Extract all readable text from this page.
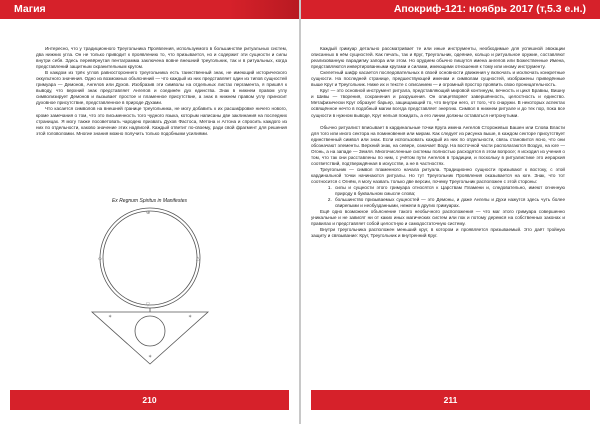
Магия

Интересно, что у традиционного Треугольника Проявления, используемого в большинстве ритуальных систем, два нижних угла. Он не только приводит к проявлению то, что призывается, но и содержит эти сущности и силы внутри себя. Здесь перевёрнутая пентаграмма заключена вовне внешний треугольник, так и в ритуальных, когда представлений защитным охранительным кругом.

В каждом из трёх углов равностороннего треугольника есть таинственный знак, не имеющий исторического оккультного значения. Одно из возможных объяснений — что каждый из них представляет один из типов сущностей гримуара — Демонов, Ангелов или Духов. Изобразив эти символы на отдельных листах пергамента, я пришёл к выводу, что верхний знак представляет Ангелов и соединён дух единства. Знак в нижнем правом углу символизирует Демонов и вызывает простое и пламенное присутствие, а знак в нижнем правом углу приносит духовное присутствие, представленное в природе Духами.

Что касается символов на внешней границе треугольника, не могу добавить к их расшифровке ничего нового, кроме замечания о том, что это письменность того чудного языка, которым написаны две заклинания на последних страницах. Я могу также посоветовать чародею призвать Духов Фастоса, Метона и Агтона и спросить каждого из них по отдельности, каково значение этих надписей. Каждый ответит по-своему, ради свой фрагмент для решения этой головоломки. Многие знания можно получить только подобными усилиями.

Ex Regnum Spiritus in Manifestes
⊕
△
▽
◇
✶	✶
✶
210
Апокриф-121: ноябрь 2017 (т,5.3 е.н.)

Каждый гримуар детально рассматривает те или иные инструменты, необходимые для успешной эвокации описанных в нём сущностей. Как печать, так и Круг, Треугольник, одеяние, кольцо и ритуальное оружие, составляют реализованную парадигму запора или этом. Но орудием обычно пишутся имена ангелов или Божественные Имена, представляются инвертированными кругами и силами, имеющими отношения к тому или иному инструменту.

Скелетный шифр касается последовательных в своей основности движения у включать и исключать конкретные сущности. На последней странице, предшествующей именам и символам сущностей, изображены приведённые выше Круг и Треугольник. Ниже их и тексте с описанием — и огромный простор проявить свою проницательность.

Круг — это основной инструмент ритуала, представляющий мировой континуум, вечность и цикл Бравиы, Вишну и Шивы — творения, сохранения и разрушения. Он олицетворяет завершённость, целостность и единство. Метафизически Круг образует барьер, защищающий то, что внутри него, от того, что снаружи. В некоторых аспектах освящённое нечто в подобный магии всегда представляет энергию. Символ в нижнем ритуале и до тех пор, пока все сущности в нужном выводе, Круг нельзя покидать, а его линии должны оставаться нетронутыми.

*

Обычно ритуалист вписывает в кардинальные точки Круга имена Ангелов Сторожевых Башен или Слова Власти для того или иного сектора на поминовения или мирам. Как следует из рисунка выше, в каждом секторе присутствует единственный символ или знак. Если использовать каждый из них по отдельности, связь становится ясно, что они обозначают элементы. Верхний знак, на севере, означает Воду. На восточной части располагаются Воздух, на юге — Огонь, а на западе — Земля. Многочисленные системы полностью расходятся в этом вопросе; я исходил из учения о том, что так они расставлены по ним, с учётом пути Ангелов в традиции, и поскольку в ритуалистике это иерархия соответствий, подтверждённая в искусстве, а не в частностях.

Треугольник — символ пламенного начала ритуала. Традиционно сущности призывают к востоку, с этой кардинальной точки начинаются ритуалы. Но тут Треугольник Проявления оказывается на юге. Знак, что тот соотносится с Огнём, я могу назвать только две версии, почему Треугольник расположен с этой стороны:

1. силы и сущности этого гримуара относятся к Царствам Пламени и, следовательно, имеют огненную природу в буквальном смысле слова;
2. большинство призываемых сущностей — это Демоны, и даже Ангелы и Духи нажутся здесь чуть более свирепыми и необузданными, нежели в других гримуарах.

Ещё одно возможное объяснение такого необычного расположения — что маг этого гримуара совершенно уникальные и не зависят ни от каких иных магических систем или пок и потому деремся на собственных законах и правилах и представляет собой целостную и самодостаточную систему.

Внутри треугольника расположен меньший круг, в котором и проявляется призываемый. Это даёт тройную защиту и связывание: Круг, Треугольник и внутренний Круг.

211
